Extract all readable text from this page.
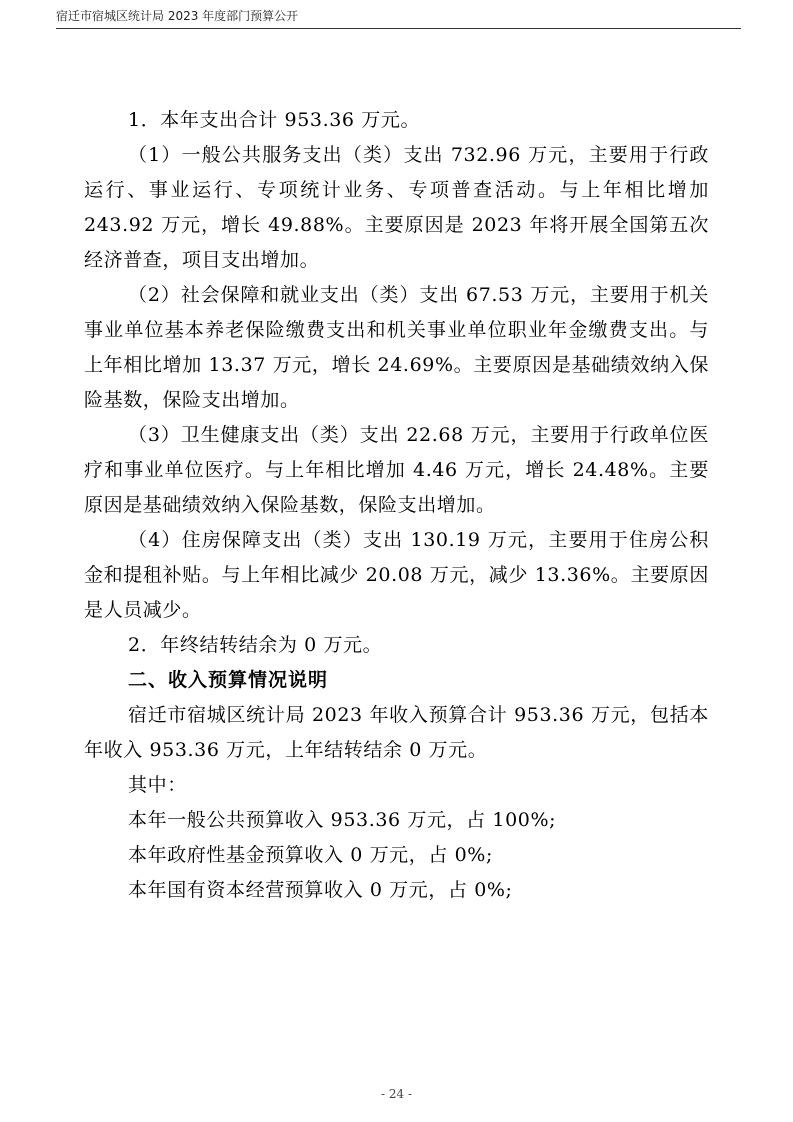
宿迁市宿城区统计局 2023 年度部门预算公开

1．本年支出合计 953.36 万元。

（1）一般公共服务支出（类）支出 732.96 万元，主要用于行政运行、事业运行、专项统计业务、专项普查活动。与上年相比增加 243.92 万元，增长 49.88%。主要原因是 2023 年将开展全国第五次经济普查，项目支出增加。

（2）社会保障和就业支出（类）支出 67.53 万元，主要用于机关事业单位基本养老保险缴费支出和机关事业单位职业年金缴费支出。与上年相比增加 13.37 万元，增长 24.69%。主要原因是基础绩效纳入保险基数，保险支出增加。

（3）卫生健康支出（类）支出 22.68 万元，主要用于行政单位医疗和事业单位医疗。与上年相比增加 4.46 万元，增长 24.48%。主要原因是基础绩效纳入保险基数，保险支出增加。

（4）住房保障支出（类）支出 130.19 万元，主要用于住房公积金和提租补贴。与上年相比减少 20.08 万元，减少 13.36%。主要原因是人员减少。

2．年终结转结余为 0 万元。

二、收入预算情况说明

宿迁市宿城区统计局 2023 年收入预算合计 953.36 万元，包括本年收入 953.36 万元，上年结转结余 0 万元。

其中：

本年一般公共预算收入 953.36 万元，占 100%;

本年政府性基金预算收入 0 万元，占 0%;

本年国有资本经营预算收入 0 万元，占 0%;

- 24 -
